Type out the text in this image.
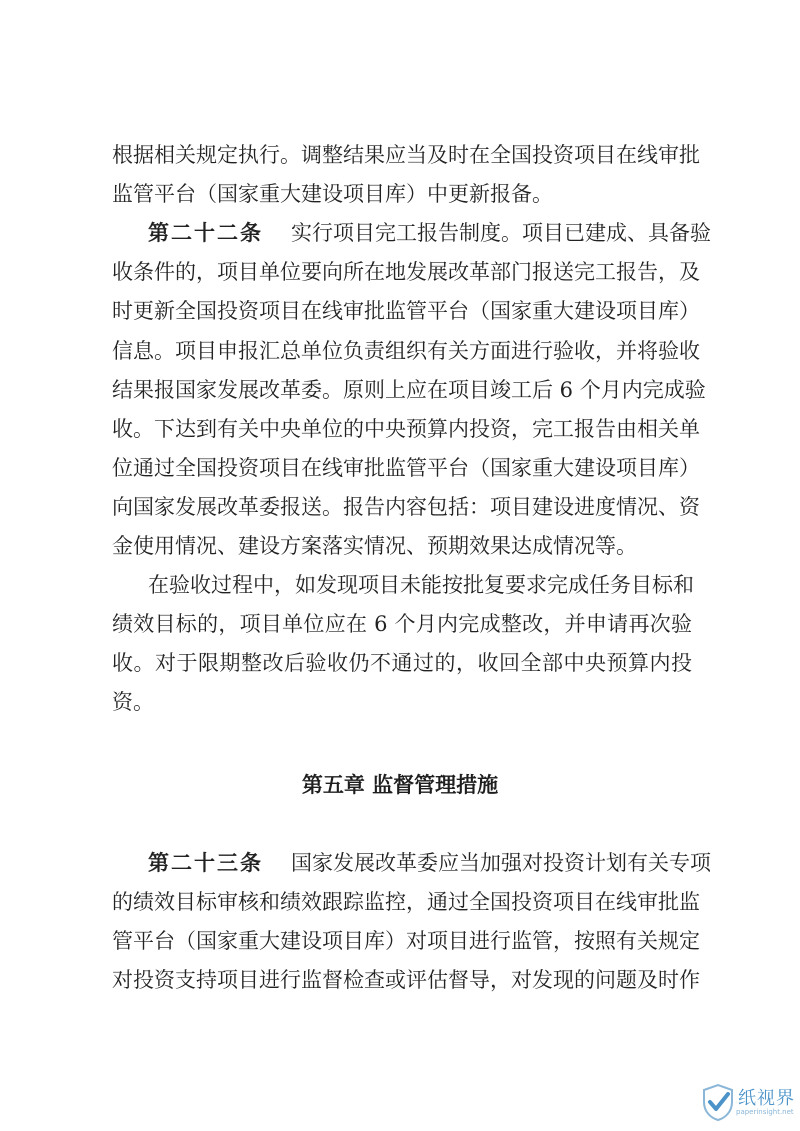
根据相关规定执行。调整结果应当及时在全国投资项目在线审批
监管平台（国家重大建设项目库）中更新报备。
第二十二条 实行项目完工报告制度。项目已建成、具备验
收条件的，项目单位要向所在地发展改革部门报送完工报告，及
时更新全国投资项目在线审批监管平台（国家重大建设项目库）
信息。项目申报汇总单位负责组织有关方面进行验收，并将验收
结果报国家发展改革委。原则上应在项目竣工后 6 个月内完成验
收。下达到有关中央单位的中央预算内投资，完工报告由相关单
位通过全国投资项目在线审批监管平台（国家重大建设项目库）
向国家发展改革委报送。报告内容包括：项目建设进度情况、资
金使用情况、建设方案落实情况、预期效果达成情况等。
在验收过程中，如发现项目未能按批复要求完成任务目标和
绩效目标的，项目单位应在 6 个月内完成整改，并申请再次验
收。对于限期整改后验收仍不通过的，收回全部中央预算内投
资。
第五章 监督管理措施
第二十三条 国家发展改革委应当加强对投资计划有关专项
的绩效目标审核和绩效跟踪监控，通过全国投资项目在线审批监
管平台（国家重大建设项目库）对项目进行监管，按照有关规定
对投资支持项目进行监督检查或评估督导，对发现的问题及时作
纸视界
paperinsight.net
